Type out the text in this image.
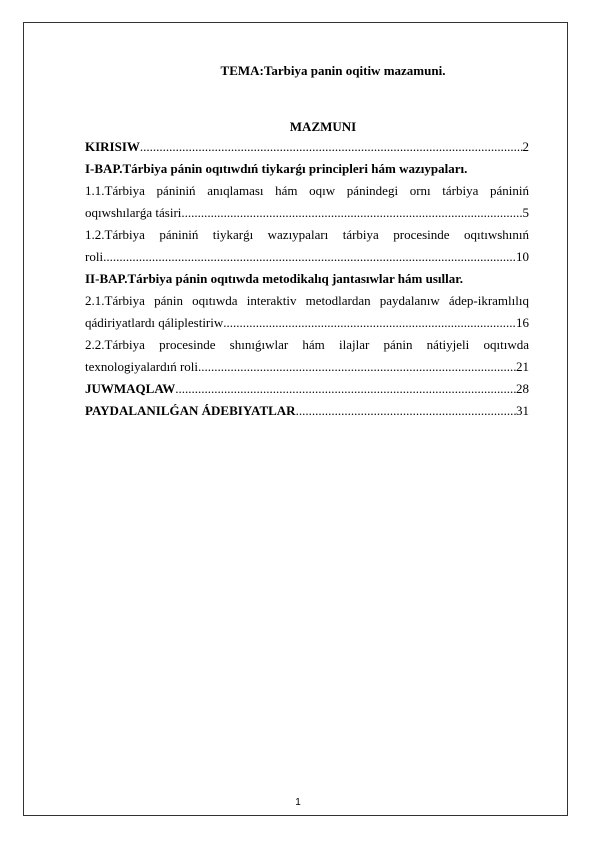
TEMA:Tarbiya panin oqitiw mazamuni.
MAZMUNI
KIRISIW .....	2
I-BAP.Tárbiya pánin oqıtıwdıń tiykarǵı principleri hám wazıypaları.
1.1.Tárbiya pániniń anıqlaması hám oqıw pánindegi ornı tárbiya pániniń
oqıwshılarǵa tásiri .....	5
1.2.Tárbiya pániniń tiykarǵı wazıypaları tárbiya procesinde oqıtıwshınıń
roli .....	10
II-BAP.Tárbiya pánin oqıtıwda metodikalıq jantasıwlar hám usıllar.
2.1.Tárbiya pánin oqıtıwda interaktiv metodlardan paydalanıw ádep-ikramlılıq
qádiriyatlardı qáliplestiriw .....	16
2.2.Tárbiya procesinde shınıǵıwlar hám ilajlar pánin nátiyjeli oqıtıwda
texnologiyalardıń roli .....	21
JUWMAQLAW .....	28
PAYDALANILǴAN ÁDEBIYATLAR .....	31
1
